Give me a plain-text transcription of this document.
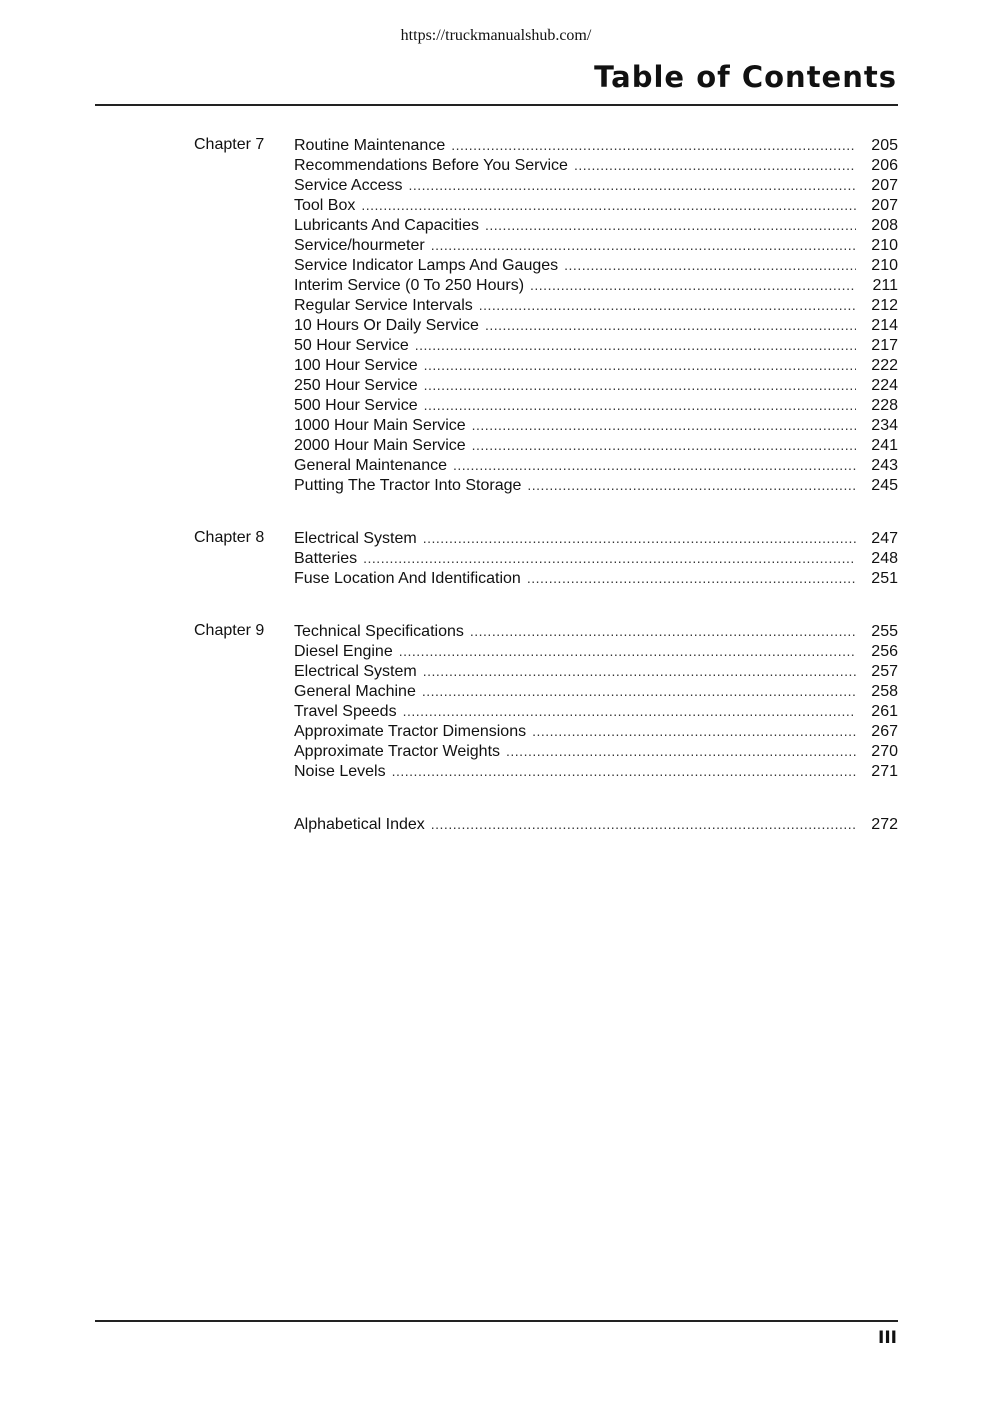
https://truckmanualshub.com/
Table of Contents
Chapter 7 Routine Maintenance .....	205
Recommendations Before You Service .....	206
Service Access .....	207
Tool Box .....	207
Lubricants And Capacities .....	208
Service/hourmeter .....	210
Service Indicator Lamps And Gauges .....	210
Interim Service (0 To 250 Hours) .....	211
Regular Service Intervals .....	212
10 Hours Or Daily Service .....	214
50 Hour Service .....	217
100 Hour Service .....	222
250 Hour Service .....	224
500 Hour Service .....	228
1000 Hour Main Service .....	234
2000 Hour Main Service .....	241
General Maintenance .....	243
Putting The Tractor Into Storage .....	245
Chapter 8 Electrical System .....	247
Batteries .....	248
Fuse Location And Identification .....	251
Chapter 9 Technical Specifications .....	255
Diesel Engine .....	256
Electrical System .....	257
General Machine .....	258
Travel Speeds .....	261
Approximate Tractor Dimensions .....	267
Approximate Tractor Weights .....	270
Noise Levels .....	271
Alphabetical Index .....	272
III
